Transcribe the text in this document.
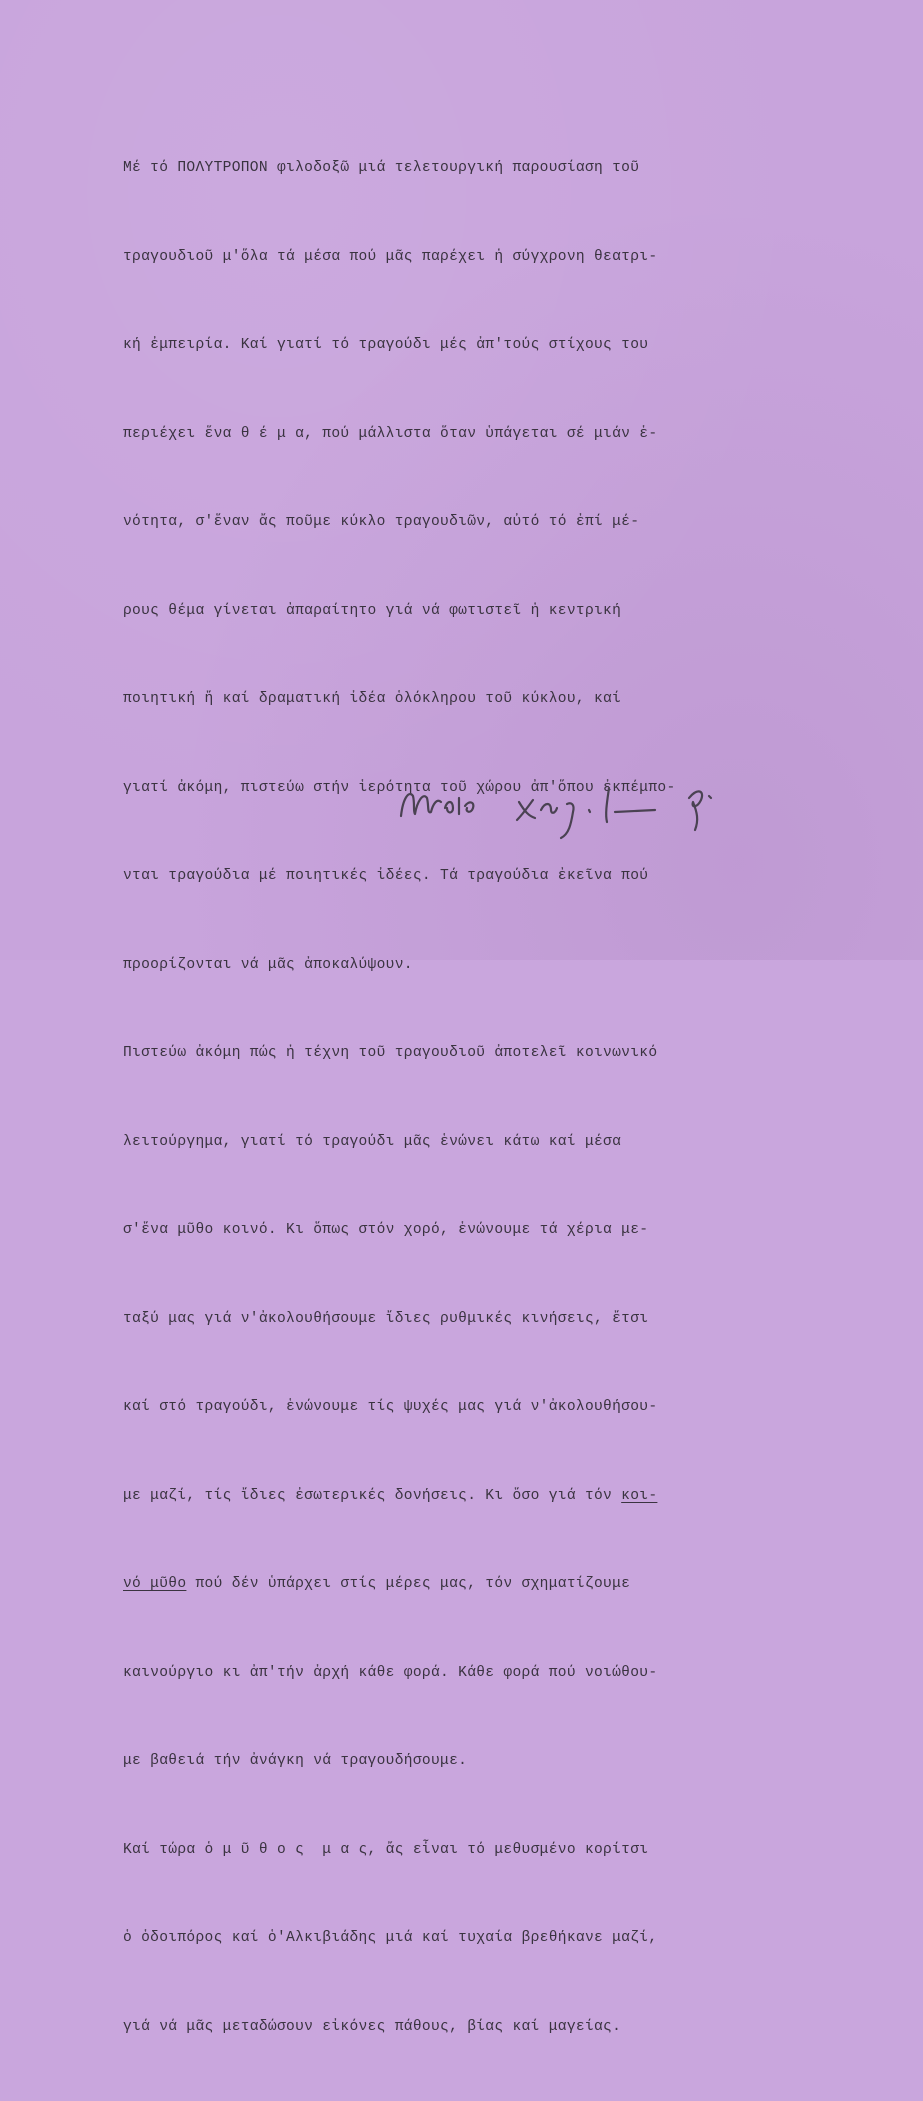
Μέ τό ΠΟΛΥΤΡΟΠΟΝ φιλοδοξῶ μιά τελετουργική παρουσίαση τοῦ

τραγουδιοῦ μ'ὅλα τά μέσα πού μᾶς παρέχει ἡ σύγχρονη θεατρι-

κή ἐμπειρία. Καί γιατί τό τραγούδι μές ἀπ'τούς στίχους του

περιέχει ἕνα θ έ μ α, πού μάλλιστα ὅταν ὑπάγεται σέ μιάν ἑ-

νότητα, σ'ἕναν ἄς ποῦμε κύκλο τραγουδιῶν, αὐτό τό ἐπί μέ-

ρους θέμα γίνεται ἀπαραίτητο γιά νά φωτιστεῖ ἡ κεντρική

ποιητική ἤ καί δραματική ἰδέα ὁλόκληρου τοῦ κύκλου, καί

γιατί ἀκόμη, πιστεύω στήν ἱερότητα τοῦ χώρου ἀπ'ὅπου ἐκπέμπο-

νται τραγούδια μέ ποιητικές ἰδέες. Τά τραγούδια ἐκεῖνα πού

προορίζονται νά μᾶς ἀποκαλύψουν.

Πιστεύω ἀκόμη πώς ἡ τέχνη τοῦ τραγουδιοῦ ἀποτελεῖ κοινωνικό

λειτούργημα, γιατί τό τραγούδι μᾶς ἑνώνει κάτω καί μέσα

σ'ἕνα μῦθο κοινό. Κι ὅπως στόν χορό, ἑνώνουμε τά χέρια με-

ταξύ μας γιά ν'ἀκολουθήσουμε ἴδιες ρυθμικές κινήσεις, ἔτσι

καί στό τραγούδι, ἑνώνουμε τίς ψυχές μας γιά ν'ἀκολουθήσου-

με μαζί, τίς ἴδιες ἐσωτερικές δονήσεις. Κι ὅσο γιά τόν κοι-

νό μῦθο πού δέν ὑπάρχει στίς μέρες μας, τόν σχηματίζουμε

καινούργιο κι ἀπ'τήν ἀρχή κάθε φορά. Κάθε φορά πού νοιώθου-

με βαθειά τήν ἀνάγκη νά τραγουδήσουμε.

Καί τώρα ὁ μ ῦ θ ο ς  μ α ς, ἄς εἶναι τό μεθυσμένο κορίτσι

ὁ ὁδοιπόρος καί ὁ'Αλκιβιάδης μιά καί τυχαία βρεθήκανε μαζί,

γιά νά μᾶς μεταδώσουν εἰκόνες πάθους, βίας καί μαγείας.
